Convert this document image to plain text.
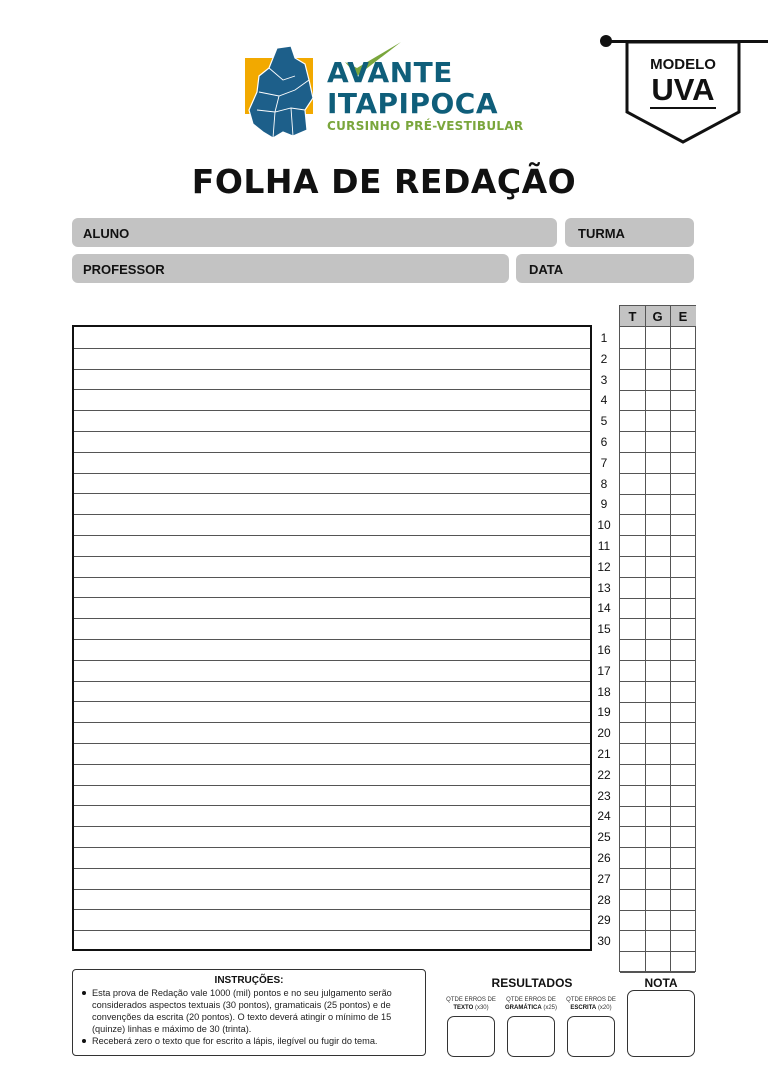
AVANTE
ITAPIPOCA
CURSINHO PRÉ-VESTIBULAR
MODELO
UVA
FOLHA DE REDAÇÃO
ALUNO	TURMA
PROFESSOR	DATA
1
2
3
4
5
6
7
8
9
10
11
12
13
14
15
16
17
18
19
20
21
22
23
24
25
26
27
28
29
30
T	G	E
INSTRUÇÕES:
Esta prova de Redação vale 1000 (mil) pontos e no seu julgamento serão considerados aspectos textuais (30 pontos), gramaticais (25 pontos) e de convenções da escrita (20 pontos). O texto deverá atingir o mínimo de 15 (quinze) linhas e máximo de 30 (trinta).
Receberá zero o texto que for escrito a lápis, ilegível ou fugir do tema.
RESULTADOS	NOTA
QTDE ERROS DE
TEXTO (x30)
QTDE ERROS DE
GRAMÁTICA (x25)
QTDE ERROS DE
ESCRITA (x20)
